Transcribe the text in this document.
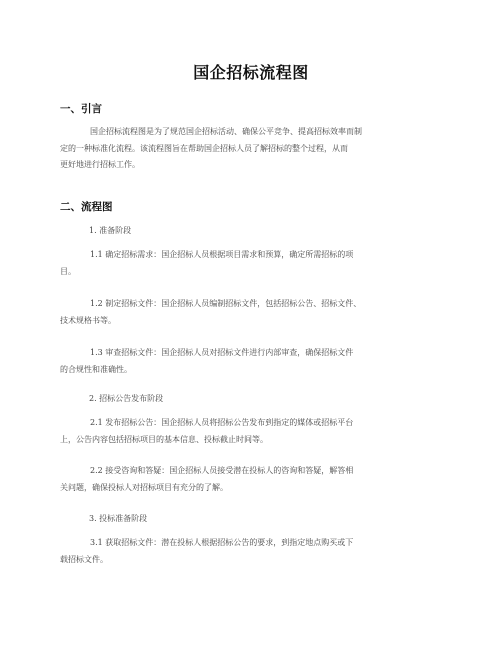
国企招标流程图
一、引言
国企招标流程图是为了规范国企招标活动、确保公平竞争、提高招标效率而制
定的一种标准化流程。该流程图旨在帮助国企招标人员了解招标的整个过程，从而
更好地进行招标工作。
二、流程图
1. 准备阶段
1.1 确定招标需求：国企招标人员根据项目需求和预算，确定所需招标的项
目。
1.2 制定招标文件：国企招标人员编制招标文件，包括招标公告、招标文件、
技术规格书等。
1.3 审查招标文件：国企招标人员对招标文件进行内部审查，确保招标文件
的合规性和准确性。
2. 招标公告发布阶段
2.1 发布招标公告：国企招标人员将招标公告发布到指定的媒体或招标平台
上，公告内容包括招标项目的基本信息、投标截止时间等。
2.2 接受咨询和答疑：国企招标人员接受潜在投标人的咨询和答疑，解答相
关问题，确保投标人对招标项目有充分的了解。
3. 投标准备阶段
3.1 获取招标文件：潜在投标人根据招标公告的要求，到指定地点购买或下
载招标文件。
